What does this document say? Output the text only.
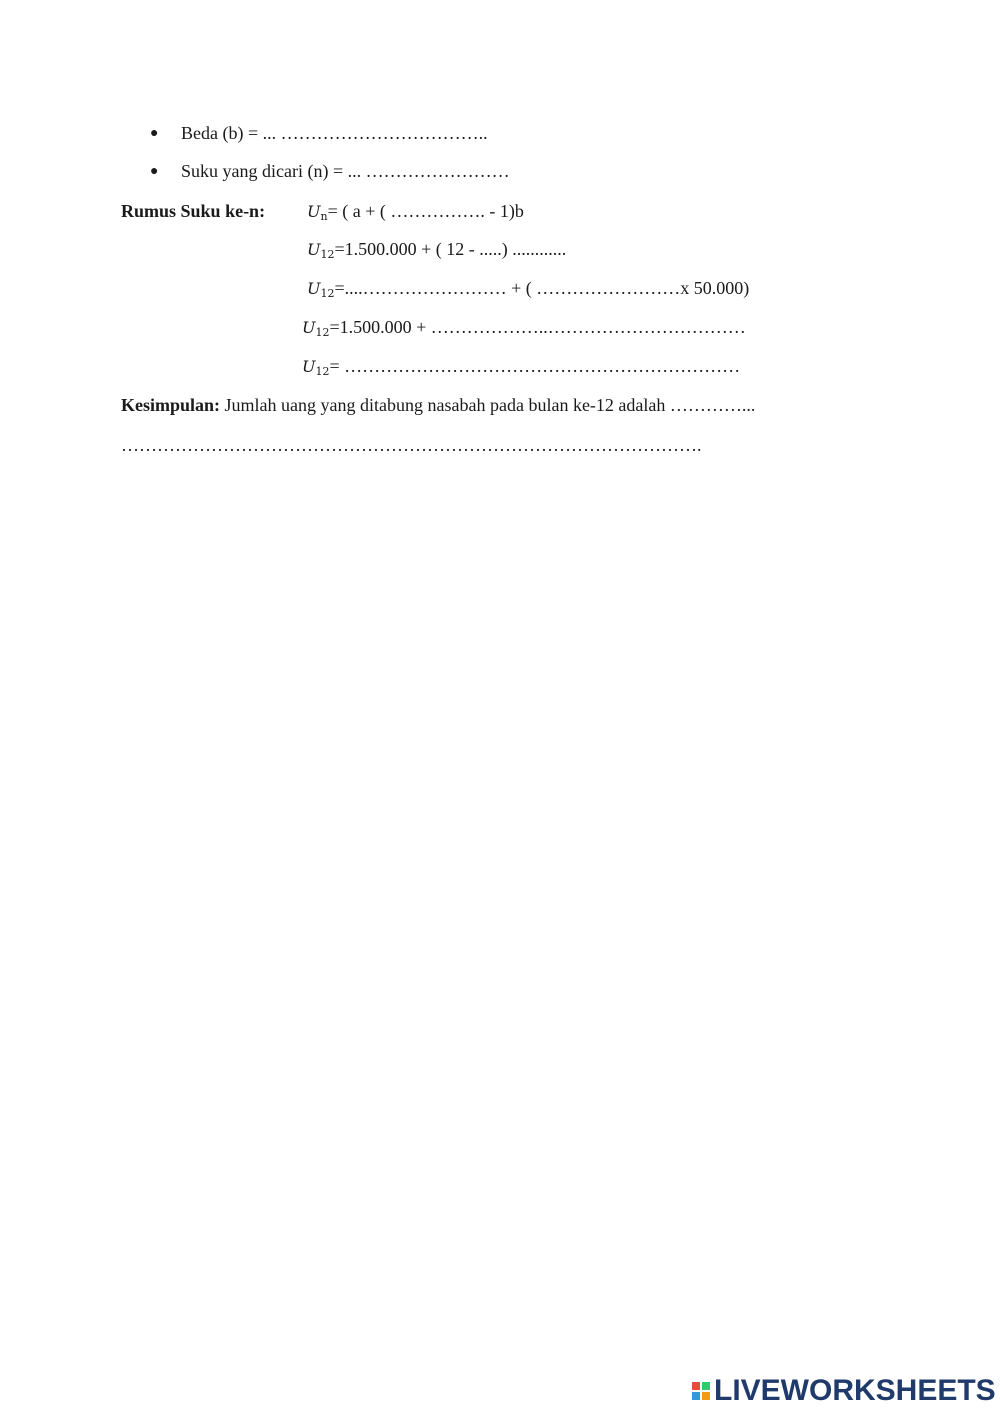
● Beda (b) = ... ……………………………..
● Suku yang dicari (n) = ... ……………………
Rumus Suku ke-n:	$U_n=$ ( a + ( ……………. - 1)b
$U_{12}=1.500.000$ + ( 12 - .....) ............
$U_{12}=....\dots\dots\dots\dots\dots\dots\dots\dots$ + ( ……………………x 50.000)
$U_{12}=1.500.000$ + ………………..……………………………
$U_{12}=$ …………………………………………………………
Kesimpulan: Jumlah uang yang ditabung nasabah pada bulan ke-12 adalah …………...
…………………………………………………………………………………….
LIVEWORKSHEETS
